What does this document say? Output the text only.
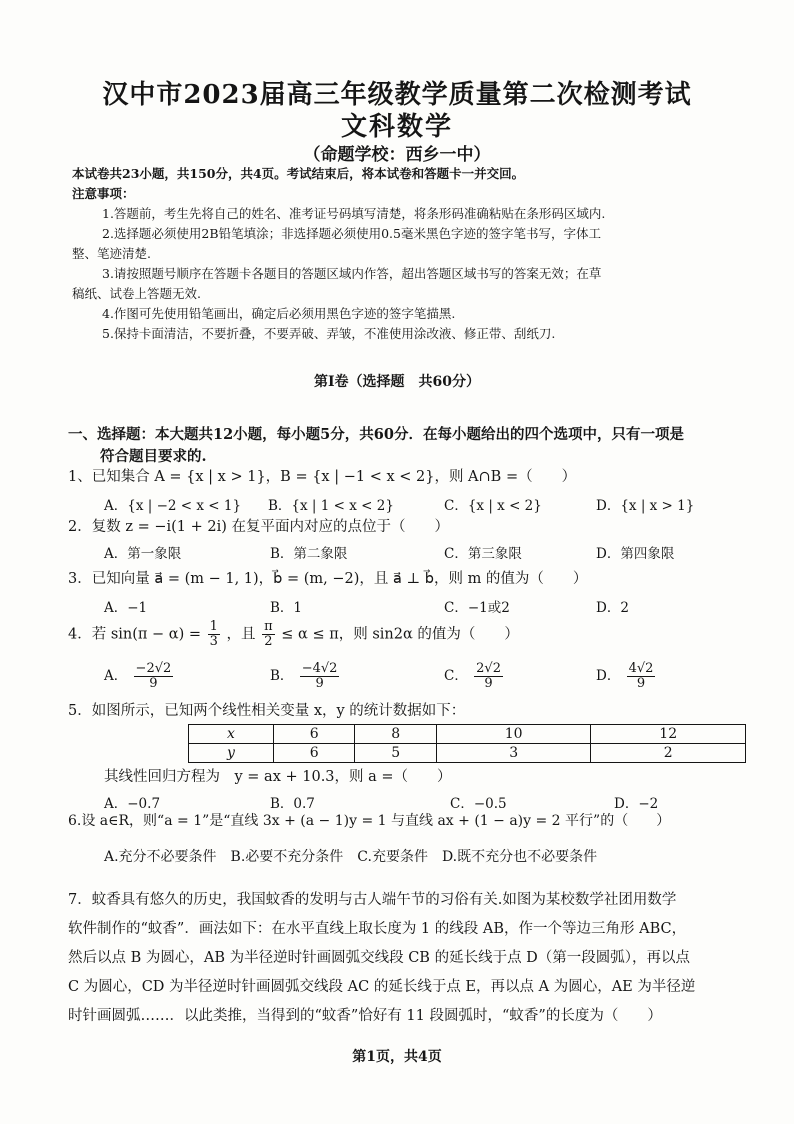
汉中市2023届高三年级教学质量第二次检测考试
文科数学
（命题学校：西乡一中）
本试卷共23小题，共150分，共4页。考试结束后，将本试卷和答题卡一并交回。
注意事项：
1.答题前，考生先将自己的姓名、准考证号码填写清楚，将条形码准确粘贴在条形码区域内.
2.选择题必须使用2B铅笔填涂；非选择题必须使用0.5毫米黑色字迹的签字笔书写，字体工
整、笔迹清楚.
3.请按照题号顺序在答题卡各题目的答题区域内作答，超出答题区域书写的答案无效；在草
稿纸、试卷上答题无效.
4.作图可先使用铅笔画出，确定后必须用黑色字迹的签字笔描黑.
5.保持卡面清洁，不要折叠，不要弄破、弄皱，不准使用涂改液、修正带、刮纸刀.
第Ⅰ卷（选择题　共60分）
一、选择题：本大题共12小题，每小题5分，共60分．在每小题给出的四个选项中，只有一项是
符合题目要求的.
1、已知集合 A = {x | x > 1}，B = {x | −1 < x < 2}，则 A∩B =（　　）
A．{x | −2 < x < 1} B．{x | 1 < x < 2}	C．{x | x < 2}	D．{x | x > 1}
2．复数 z = −i(1 + 2i) 在复平面内对应的点位于（　　）
A．第一象限	B．第二象限	C．第三象限	D．第四象限
3．已知向量 a⃗ = (m − 1, 1)，b⃗ = (m, −2)，且 a⃗ ⊥ b⃗，则 m 的值为（　　）
A．−1	B．1	C．−1或2	D．2
4．若 $\sin(\pi - \alpha) = \frac{1}{3}$ ，且 $\frac{\pi}{2} \le \alpha \le \pi$，则 sin2α 的值为（　　）
A． $\frac{-2√2}{9}$	B． $\frac{-4√2}{9}$	C． $\frac{2√2}{9}$	D． $\frac{4√2}{9}$
5．如图所示，已知两个线性相关变量 x，y 的统计数据如下：
x	6	8	10	12
y	6	5	3	2
其线性回归方程为　y = ax + 10.3，则 a =（　　）
A．−0.7	B．0.7	C．−0.5	D．−2
6.设 a∈R，则“a = 1”是“直线 3x + (a − 1)y = 1 与直线 ax + (1 − a)y = 2 平行”的（　　）
A.充分不必要条件　B.必要不充分条件　C.充要条件　D.既不充分也不必要条件
7．蚊香具有悠久的历史，我国蚊香的发明与古人端午节的习俗有关.如图为某校数学社团用数学
软件制作的“蚊香”．画法如下：在水平直线上取长度为 1 的线段 AB，作一个等边三角形 ABC，
然后以点 B 为圆心，AB 为半径逆时针画圆弧交线段 CB 的延长线于点 D（第一段圆弧），再以点
C 为圆心，CD 为半径逆时针画圆弧交线段 AC 的延长线于点 E，再以点 A 为圆心，AE 为半径逆
时针画圆弧……．以此类推，当得到的“蚊香”恰好有 11 段圆弧时，“蚊香”的长度为（　　）
第1页，共4页
